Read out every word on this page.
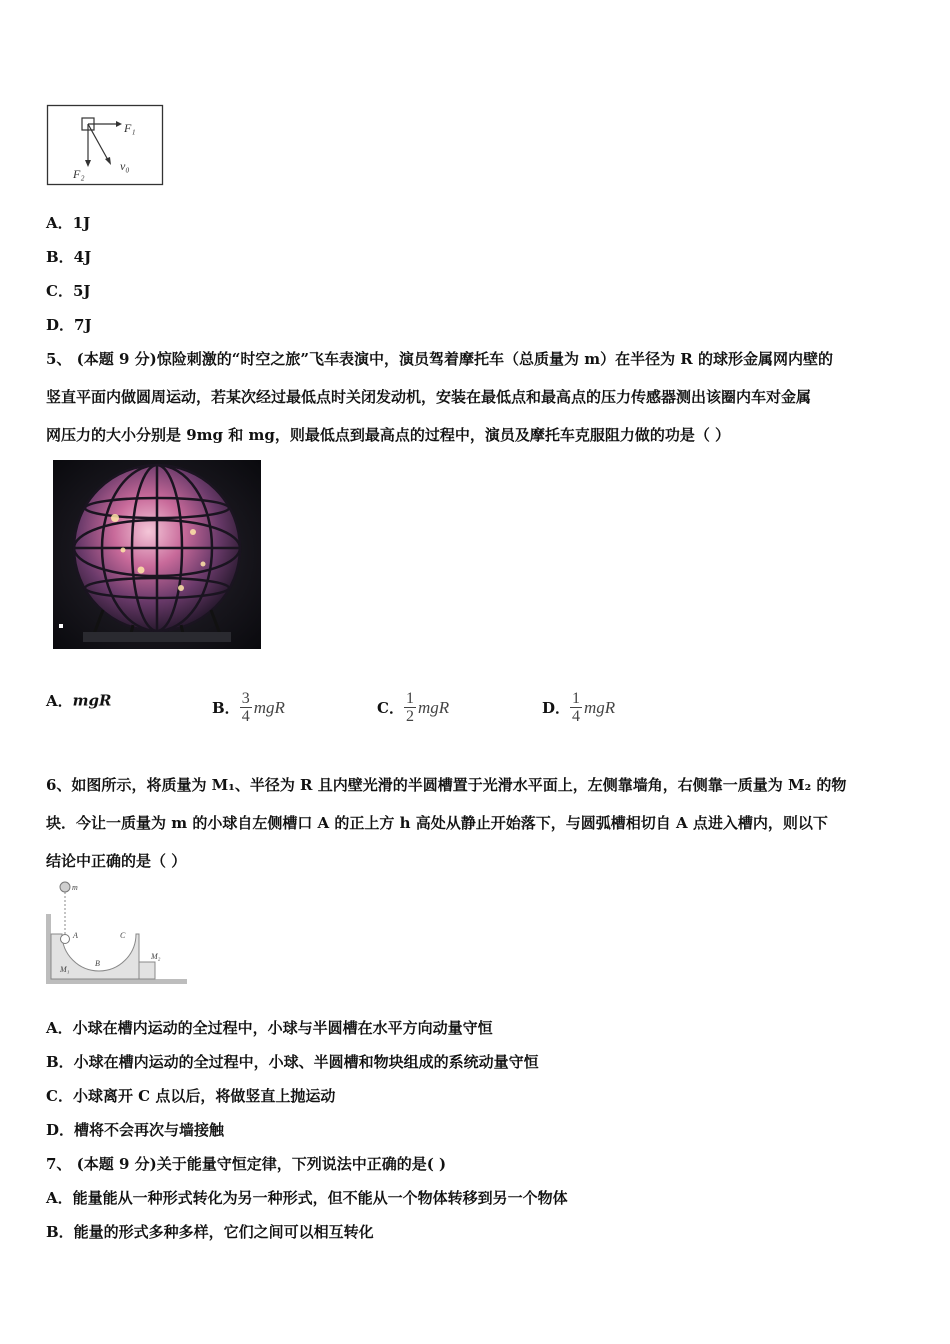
F₁
F₂
v₀
A．1J
B．4J
C．5J
D．7J
5、 (本题 9 分)惊险刺激的“时空之旅”飞车表演中，演员驾着摩托车（总质量为 m）在半径为 R 的球形金属网内壁的
竖直平面内做圆周运动，若某次经过最低点时关闭发动机，安装在最低点和最高点的压力传感器测出该圈内车对金属
网压力的大小分别是 9mg 和 mg，则最低点到最高点的过程中，演员及摩托车克服阻力做的功是（ ）
A．mgR	B． $\frac{3}{4}$ mgR	C． $\frac{1}{2}$ mgR	D． $\frac{1}{4}$ mgR
6、如图所示，将质量为 M₁、半径为 R 且内壁光滑的半圆槽置于光滑水平面上，左侧靠墙角，右侧靠一质量为 M₂ 的物
块．今让一质量为 m 的小球自左侧槽口 A 的正上方 h 高处从静止开始落下，与圆弧槽相切自 A 点进入槽内，则以下
结论中正确的是（ ）
m
A
B
C
M₁
M₂
A．小球在槽内运动的全过程中，小球与半圆槽在水平方向动量守恒
B．小球在槽内运动的全过程中，小球、半圆槽和物块组成的系统动量守恒
C．小球离开 C 点以后，将做竖直上抛运动
D．槽将不会再次与墙接触
7、 (本题 9 分)关于能量守恒定律，下列说法中正确的是( )
A．能量能从一种形式转化为另一种形式，但不能从一个物体转移到另一个物体
B．能量的形式多种多样，它们之间可以相互转化
